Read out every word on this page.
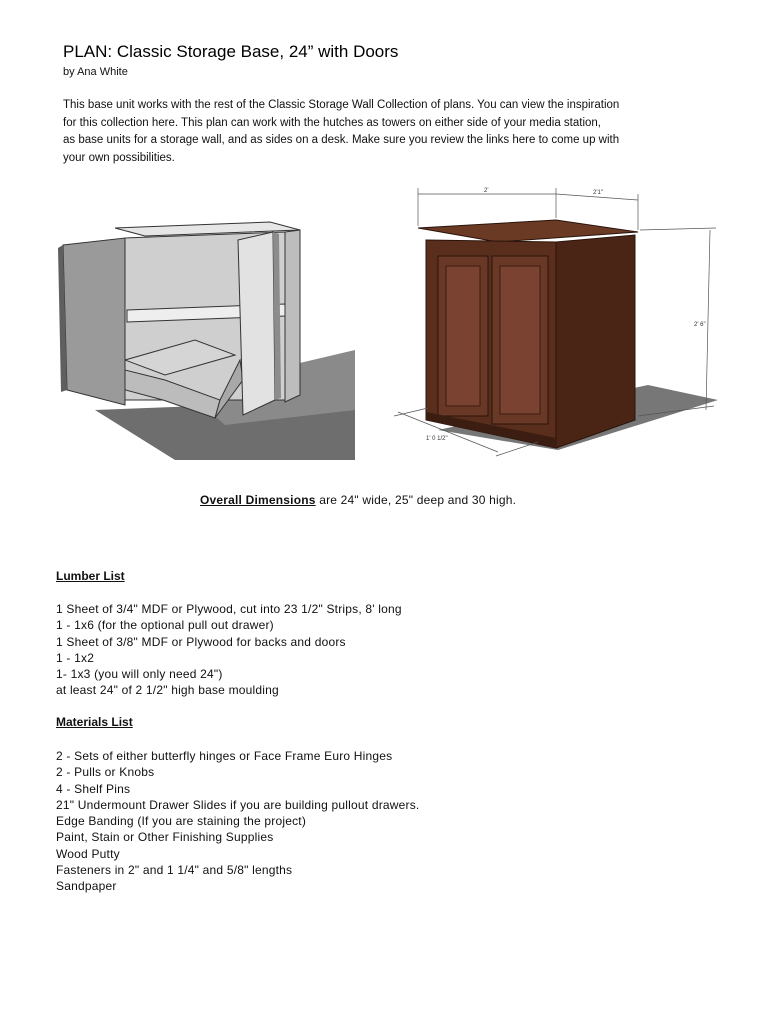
PLAN: Classic Storage Base, 24” with Doors

by Ana White

This base unit works with the rest of the Classic Storage Wall Collection of plans. You can view the inspiration
for this collection here. This plan can work with the hutches as towers on either side of your media station,
as base units for a storage wall, and as sides on a desk. Make sure you review the links here to come up with
your own possibilities.

2'	2'1"
2' 6"
1' 0 1/2"

Overall Dimensions are 24" wide, 25" deep and 30 high.

Lumber List
1 Sheet of 3/4" MDF or Plywood, cut into 23 1/2" Strips, 8' long
1 - 1x6 (for the optional pull out drawer)
1 Sheet of 3/8" MDF or Plywood for backs and doors
1 - 1x2
1- 1x3 (you will only need 24")
at least 24" of 2 1/2" high base moulding
Materials List
2 - Sets of either butterfly hinges or Face Frame Euro Hinges
2 - Pulls or Knobs
4 - Shelf Pins
21" Undermount Drawer Slides if you are building pullout drawers.
Edge Banding (If you are staining the project)
Paint, Stain or Other Finishing Supplies
Wood Putty
Fasteners in 2" and 1 1/4" and 5/8" lengths
Sandpaper
